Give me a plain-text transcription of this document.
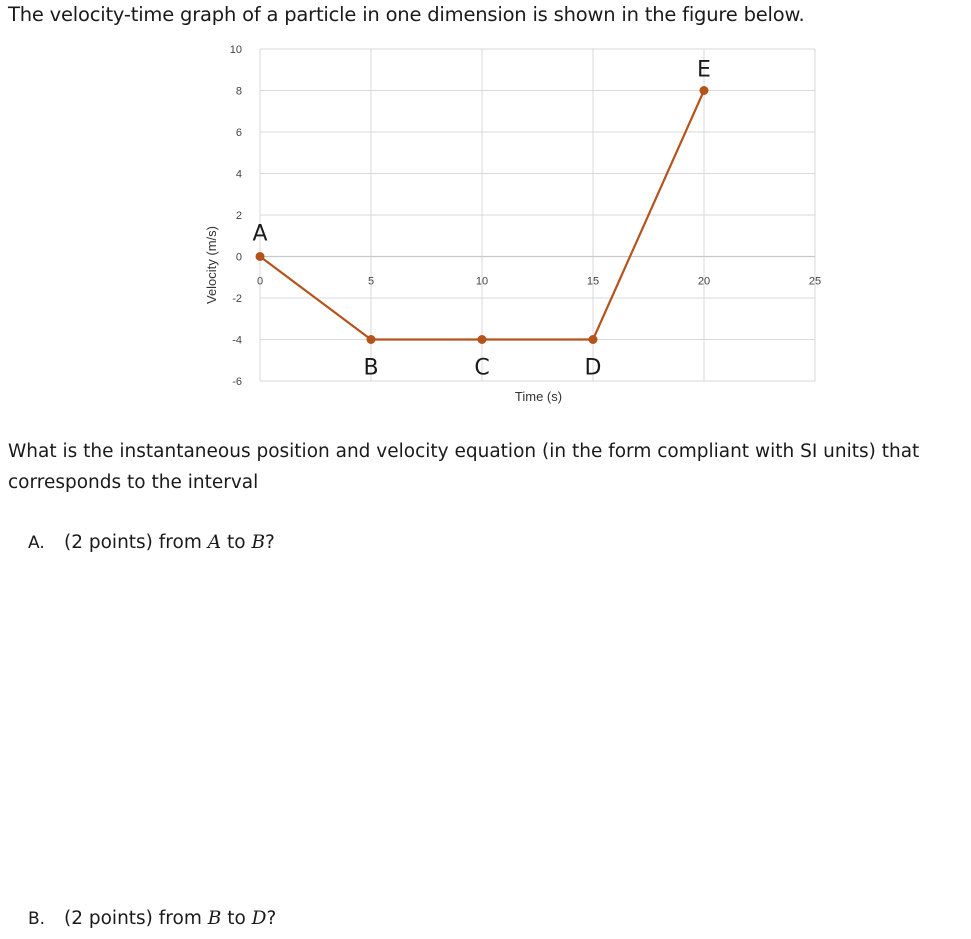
The velocity-time graph of a particle in one dimension is shown in the figure below.
10
8
6
4
2
0
-2
-4
-6
0	5	10	15	20	25
A
B	C	D
E
Time (s)
Velocity (m/s)
What is the instantaneous position and velocity equation (in the form compliant with SI units) that corresponds to the interval
A. (2 points) from A to B?
B. (2 points) from B to D?
